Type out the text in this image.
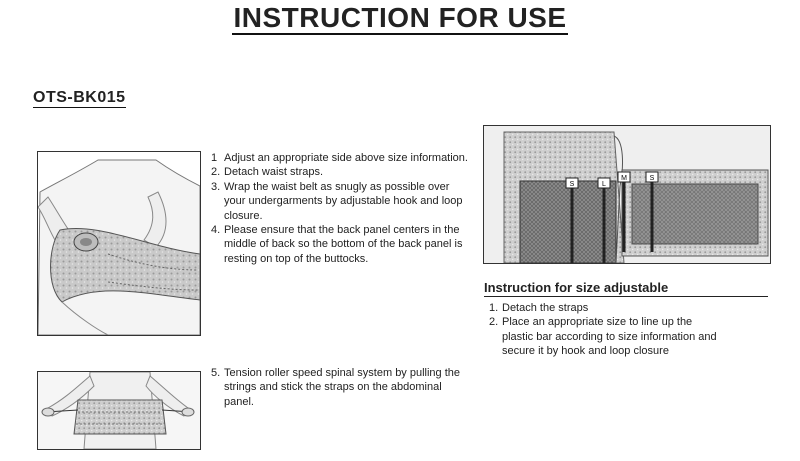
INSTRUCTION FOR USE
OTS-BK015
1 Adjust an appropriate side above size information.
2. Detach waist straps.
3. Wrap the waist belt as snugly as possible over
your undergarments by adjustable hook and loop
closure.
4. Please ensure that the back panel centers in the
middle of back so the bottom of the back panel is
resting on top of the buttocks.
S	L
M	S
Instruction for size adjustable
1. Detach the straps
2. Place an appropriate size to line up the
plastic bar according to size information and
secure it by hook and loop closure
5. Tension roller speed spinal system by pulling the
strings and stick the straps on the abdominal
panel.
